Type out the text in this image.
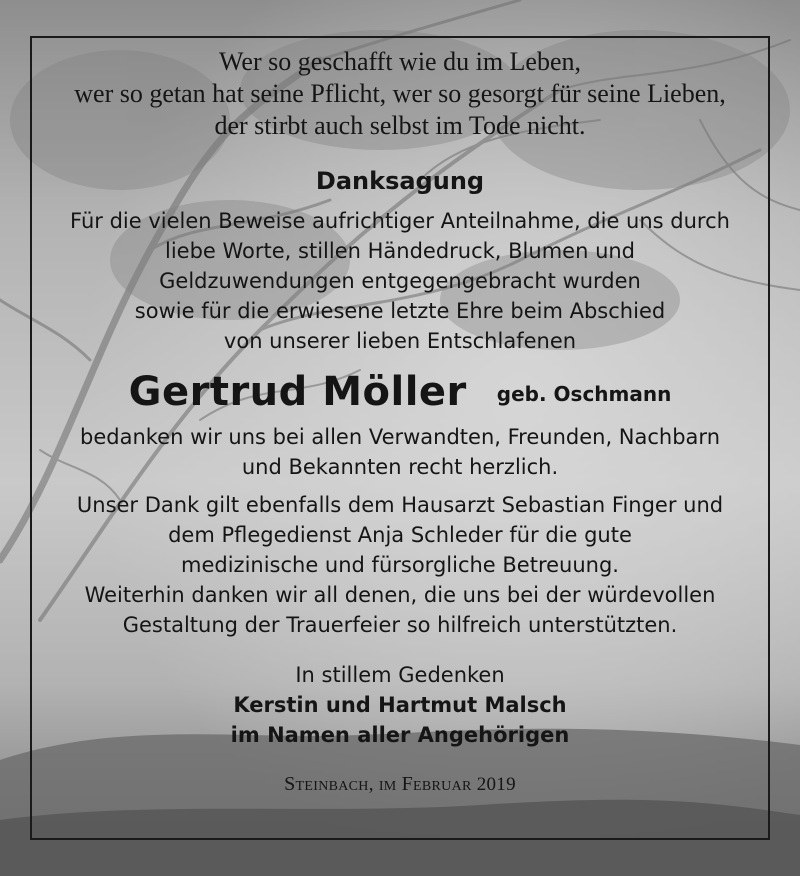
Wer so geschafft wie du im Leben,
wer so getan hat seine Pflicht, wer so gesorgt für seine Lieben,
der stirbt auch selbst im Tode nicht.
Danksagung
Für die vielen Beweise aufrichtiger Anteilnahme, die uns durch
liebe Worte, stillen Händedruck, Blumen und
Geldzuwendungen entgegengebracht wurden
sowie für die erwiesene letzte Ehre beim Abschied
von unserer lieben Entschlafenen
Gertrud Möller geb. Oschmann
bedanken wir uns bei allen Verwandten, Freunden, Nachbarn
und Bekannten recht herzlich.
Unser Dank gilt ebenfalls dem Hausarzt Sebastian Finger und
dem Pflegedienst Anja Schleder für die gute
medizinische und fürsorgliche Betreuung.
Weiterhin danken wir all denen, die uns bei der würdevollen
Gestaltung der Trauerfeier so hilfreich unterstützten.
In stillem Gedenken
Kerstin und Hartmut Malsch
im Namen aller Angehörigen
STEINBACH, IM FEBRUAR 2019
